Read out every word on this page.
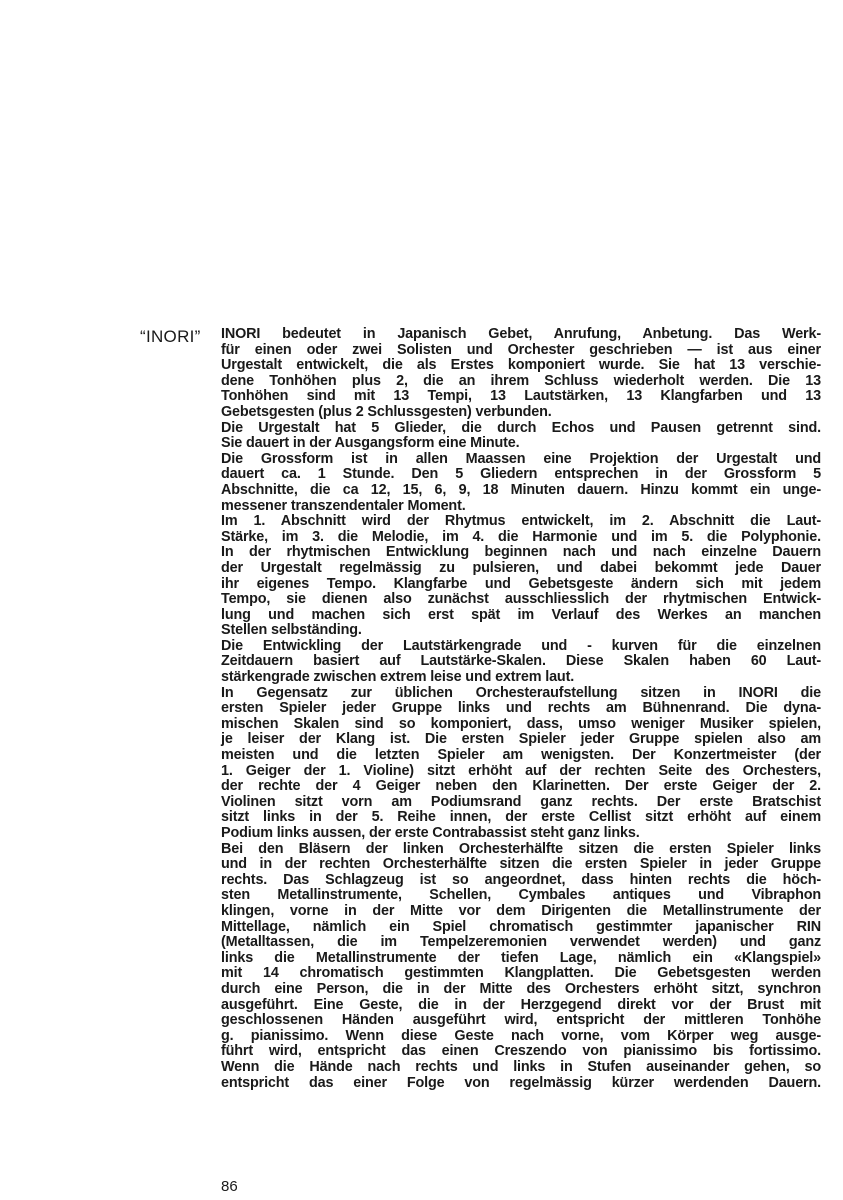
“INORI” INORI bedeutet in Japanisch Gebet, Anrufung, Anbetung. Das Werk-
für einen oder zwei Solisten und Orchester geschrieben — ist aus einer
Urgestalt entwickelt, die als Erstes komponiert wurde. Sie hat 13 verschie-
dene Tonhöhen plus 2, die an ihrem Schluss wiederholt werden. Die 13
Tonhöhen sind mit 13 Tempi, 13 Lautstärken, 13 Klangfarben und 13
Gebetsgesten (plus 2 Schlussgesten) verbunden.
Die Urgestalt hat 5 Glieder, die durch Echos und Pausen getrennt sind.
Sie dauert in der Ausgangsform eine Minute.
Die Grossform ist in allen Maassen eine Projektion der Urgestalt und
dauert ca. 1 Stunde. Den 5 Gliedern entsprechen in der Grossform 5
Abschnitte, die ca 12, 15, 6, 9, 18 Minuten dauern. Hinzu kommt ein unge-
messener transzendentaler Moment.
Im 1. Abschnitt wird der Rhytmus entwickelt, im 2. Abschnitt die Laut-
Stärke, im 3. die Melodie, im 4. die Harmonie und im 5. die Polyphonie.
In der rhytmischen Entwicklung beginnen nach und nach einzelne Dauern
der Urgestalt regelmässig zu pulsieren, und dabei bekommt jede Dauer
ihr eigenes Tempo. Klangfarbe und Gebetsgeste ändern sich mit jedem
Tempo, sie dienen also zunächst ausschliesslich der rhytmischen Entwick-
lung und machen sich erst spät im Verlauf des Werkes an manchen
Stellen selbständing.
Die Entwickling der Lautstärkengrade und - kurven für die einzelnen
Zeitdauern basiert auf Lautstärke-Skalen. Diese Skalen haben 60 Laut-
stärkengrade zwischen extrem leise und extrem laut.
In Gegensatz zur üblichen Orchesteraufstellung sitzen in INORI die
ersten Spieler jeder Gruppe links und rechts am Bühnenrand. Die dyna-
mischen Skalen sind so komponiert, dass, umso weniger Musiker spielen,
je leiser der Klang ist. Die ersten Spieler jeder Gruppe spielen also am
meisten und die letzten Spieler am wenigsten. Der Konzertmeister (der
1. Geiger der 1. Violine) sitzt erhöht auf der rechten Seite des Orchesters,
der rechte der 4 Geiger neben den Klarinetten. Der erste Geiger der 2.
Violinen sitzt vorn am Podiumsrand ganz rechts. Der erste Bratschist
sitzt links in der 5. Reihe innen, der erste Cellist sitzt erhöht auf einem
Podium links aussen, der erste Contrabassist steht ganz links.
Bei den Bläsern der linken Orchesterhälfte sitzen die ersten Spieler links
und in der rechten Orchesterhälfte sitzen die ersten Spieler in jeder Gruppe
rechts. Das Schlagzeug ist so angeordnet, dass hinten rechts die höch-
sten Metallinstrumente, Schellen, Cymbales antiques und Vibraphon
klingen, vorne in der Mitte vor dem Dirigenten die Metallinstrumente der
Mittellage, nämlich ein Spiel chromatisch gestimmter japanischer RIN
(Metalltassen, die im Tempelzeremonien verwendet werden) und ganz
links die Metallinstrumente der tiefen Lage, nämlich ein «Klangspiel»
mit 14 chromatisch gestimmten Klangplatten. Die Gebetsgesten werden
durch eine Person, die in der Mitte des Orchesters erhöht sitzt, synchron
ausgeführt. Eine Geste, die in der Herzgegend direkt vor der Brust mit
geschlossenen Händen ausgeführt wird, entspricht der mittleren Tonhöhe
g. pianissimo. Wenn diese Geste nach vorne, vom Körper weg ausge-
führt wird, entspricht das einen Creszendo von pianissimo bis fortissimo.
Wenn die Hände nach rechts und links in Stufen auseinander gehen, so
entspricht das einer Folge von regelmässig kürzer werdenden Dauern.
86
